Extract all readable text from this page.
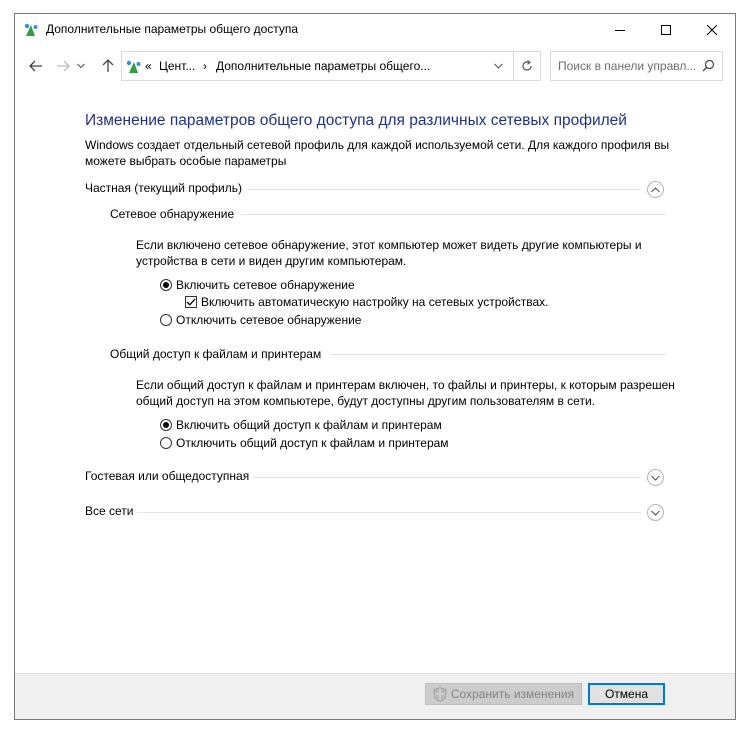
Дополнительные параметры общего доступа
« Цент... › Дополнительные параметры общего...
Поиск в панели управл...
Изменение параметров общего доступа для различных сетевых профилей
Windows создает отдельный сетевой профиль для каждой используемой сети. Для каждого профиля вы можете выбрать особые параметры
Частная (текущий профиль)
Сетевое обнаружение
Если включено сетевое обнаружение, этот компьютер может видеть другие компьютеры и устройства в сети и виден другим компьютерам.
Включить сетевое обнаружение
Включить автоматическую настройку на сетевых устройствах.
Отключить сетевое обнаружение
Общий доступ к файлам и принтерам
Если общий доступ к файлам и принтерам включен, то файлы и принтеры, к которым разрешен общий доступ на этом компьютере, будут доступны другим пользователям в сети.
Включить общий доступ к файлам и принтерам
Отключить общий доступ к файлам и принтерам
Гостевая или общедоступная
Все сети
Сохранить изменения	Отмена
